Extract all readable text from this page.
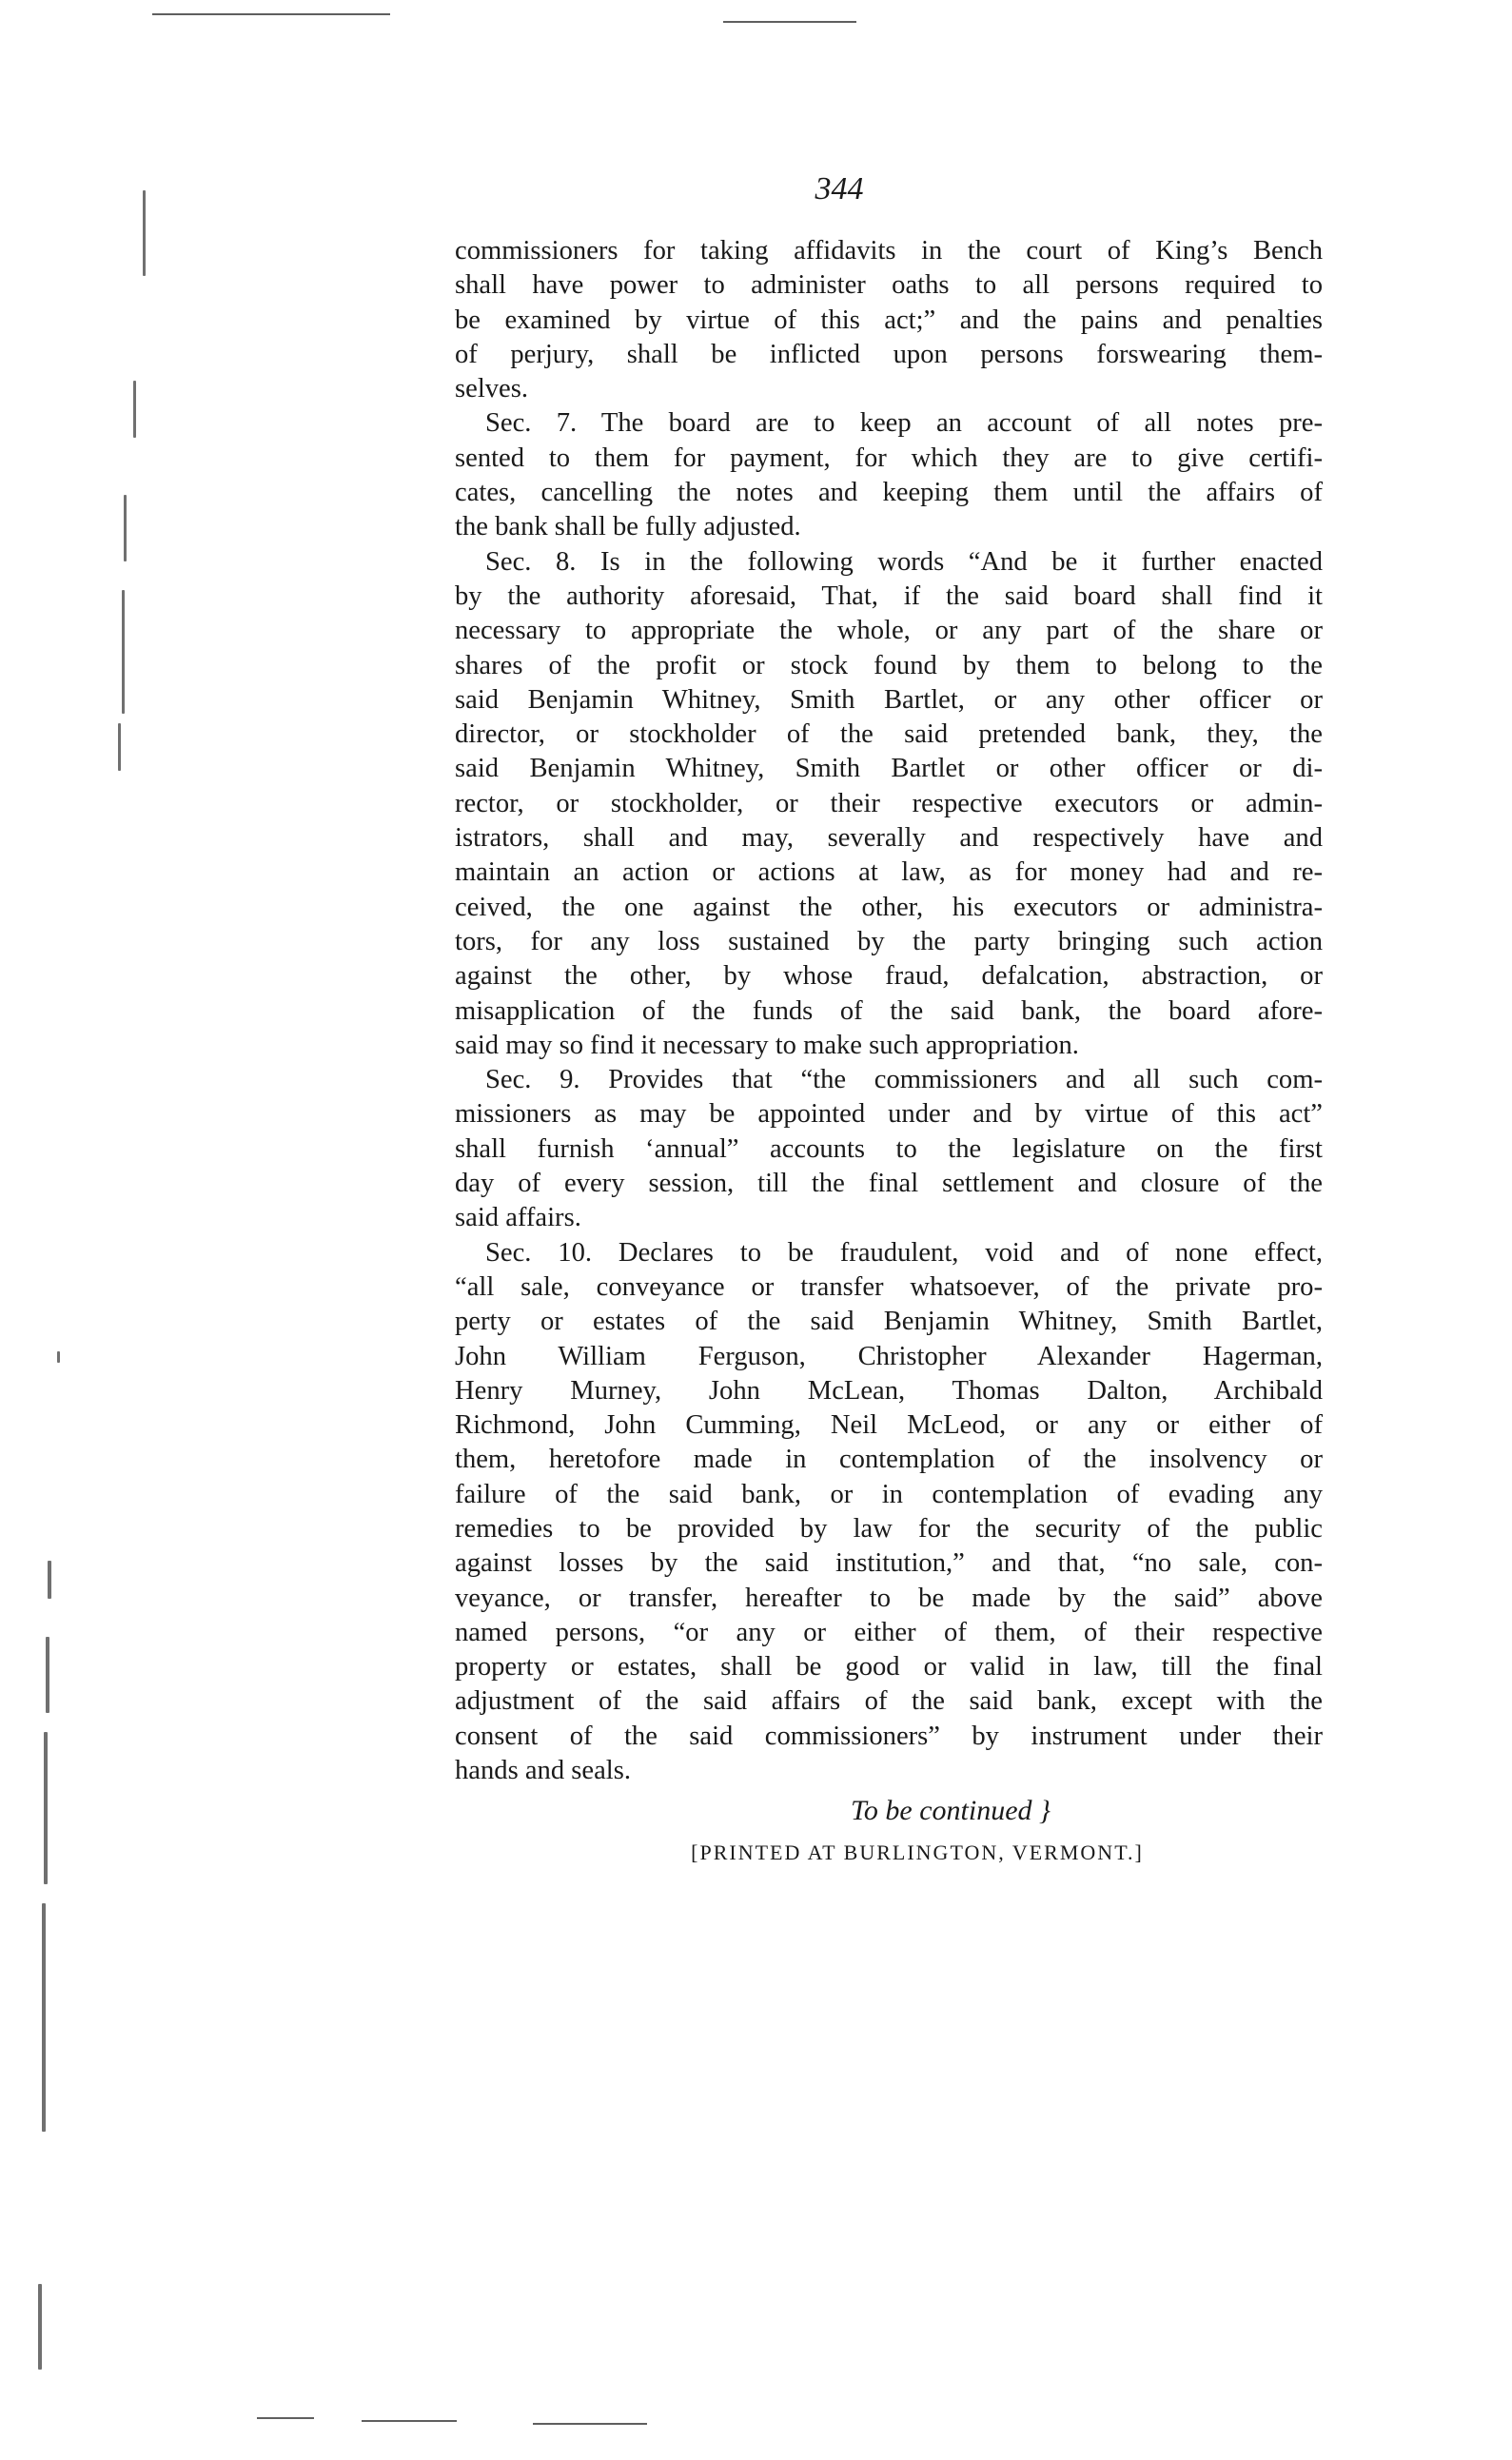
344
commissioners for taking affidavits in the court of King’s Bench
shall have power to administer oaths to all persons required to
be examined by virtue of this act;” and the pains and penalties
of perjury, shall be inflicted upon persons forswearing them-
selves.
Sec. 7. The board are to keep an account of all notes pre-
sented to them for payment, for which they are to give certifi-
cates, cancelling the notes and keeping them until the affairs of
the bank shall be fully adjusted.
Sec. 8. Is in the following words “And be it further enacted
by the authority aforesaid, That, if the said board shall find it
necessary to appropriate the whole, or any part of the share or
shares of the profit or stock found by them to belong to the
said Benjamin Whitney, Smith Bartlet, or any other officer or
director, or stockholder of the said pretended bank, they, the
said Benjamin Whitney, Smith Bartlet or other officer or di-
rector, or stockholder, or their respective executors or admin-
istrators, shall and may, severally and respectively have and
maintain an action or actions at law, as for money had and re-
ceived, the one against the other, his executors or administra-
tors, for any loss sustained by the party bringing such action
against the other, by whose fraud, defalcation, abstraction, or
misapplication of the funds of the said bank, the board afore-
said may so find it necessary to make such appropriation.
Sec. 9. Provides that “the commissioners and all such com-
missioners as may be appointed under and by virtue of this act”
shall furnish ‘annual” accounts to the legislature on the first
day of every session, till the final settlement and closure of the
said affairs.
Sec. 10. Declares to be fraudulent, void and of none effect,
“all sale, conveyance or transfer whatsoever, of the private pro-
perty or estates of the said Benjamin Whitney, Smith Bartlet,
John William Ferguson, Christopher Alexander Hagerman,
Henry Murney, John McLean, Thomas Dalton, Archibald
Richmond, John Cumming, Neil McLeod, or any or either of
them, heretofore made in contemplation of the insolvency or
failure of the said bank, or in contemplation of evading any
remedies to be provided by law for the security of the public
against losses by the said institution,” and that, “no sale, con-
veyance, or transfer, hereafter to be made by the said” above
named persons, “or any or either of them, of their respective
property or estates, shall be good or valid in law, till the final
adjustment of the said affairs of the said bank, except with the
consent of the said commissioners” by instrument under their
hands and seals.
To be continued }
[PRINTED AT BURLINGTON, VERMONT.]
